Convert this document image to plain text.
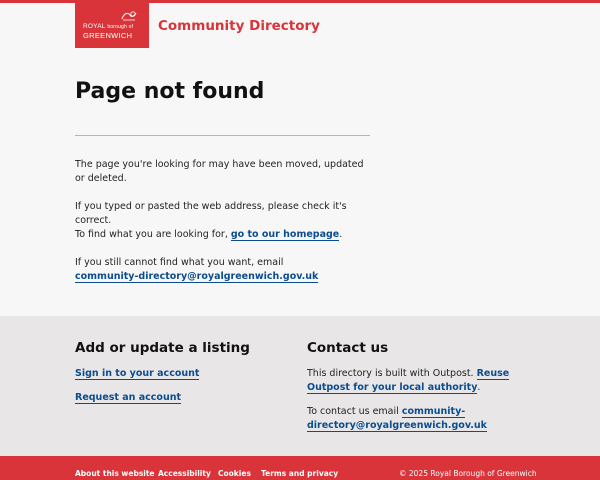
ROYAL borough of
GREENWICH
Community Directory
Page not found

The page you're looking for may have been moved, updated or deleted.

If you typed or pasted the web address, please check it's correct.

To find what you are looking for, go to our homepage.

If you still cannot find what you want, email community-directory@royalgreenwich.gov.uk

Add or update a listing
Sign in to your account
Request an account
Contact us

This directory is built with Outpost. Reuse Outpost for your local authority.

To contact us email community-directory@royalgreenwich.gov.uk

About this website Accessibility Cookies Terms and privacy	© 2025 Royal Borough of Greenwich
